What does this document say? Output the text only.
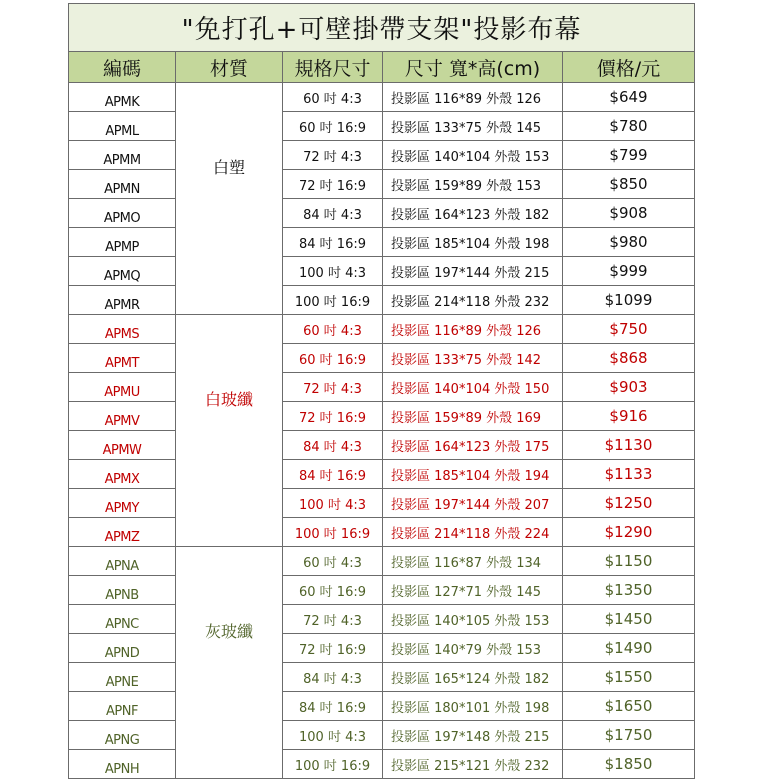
"免打孔+可壁掛帶支架"投影布幕				
編碼	材質	規格尺寸	尺寸 寬*高(cm)	價格/元
APMK	白塑	60 吋 4:3	投影區 116*89 外殼 126	$649
APML		60 吋 16:9	投影區 133*75 外殼 145	$780
APMM		72 吋 4:3	投影區 140*104 外殼 153	$799
APMN		72 吋 16:9	投影區 159*89 外殼 153	$850
APMO		84 吋 4:3	投影區 164*123 外殼 182	$908
APMP		84 吋 16:9	投影區 185*104 外殼 198	$980
APMQ		100 吋 4:3	投影區 197*144 外殼 215	$999
APMR		100 吋 16:9	投影區 214*118 外殼 232	$1099
APMS	白玻纖	60 吋 4:3	投影區 116*89 外殼 126	$750
APMT		60 吋 16:9	投影區 133*75 外殼 142	$868
APMU		72 吋 4:3	投影區 140*104 外殼 150	$903
APMV		72 吋 16:9	投影區 159*89 外殼 169	$916
APMW		84 吋 4:3	投影區 164*123 外殼 175	$1130
APMX		84 吋 16:9	投影區 185*104 外殼 194	$1133
APMY		100 吋 4:3	投影區 197*144 外殼 207	$1250
APMZ		100 吋 16:9	投影區 214*118 外殼 224	$1290
APNA	灰玻纖	60 吋 4:3	投影區 116*87 外殼 134	$1150
APNB		60 吋 16:9	投影區 127*71 外殼 145	$1350
APNC		72 吋 4:3	投影區 140*105 外殼 153	$1450
APND		72 吋 16:9	投影區 140*79 外殼 153	$1490
APNE		84 吋 4:3	投影區 165*124 外殼 182	$1550
APNF		84 吋 16:9	投影區 180*101 外殼 198	$1650
APNG		100 吋 4:3	投影區 197*148 外殼 215	$1750
APNH		100 吋 16:9	投影區 215*121 外殼 232	$1850
